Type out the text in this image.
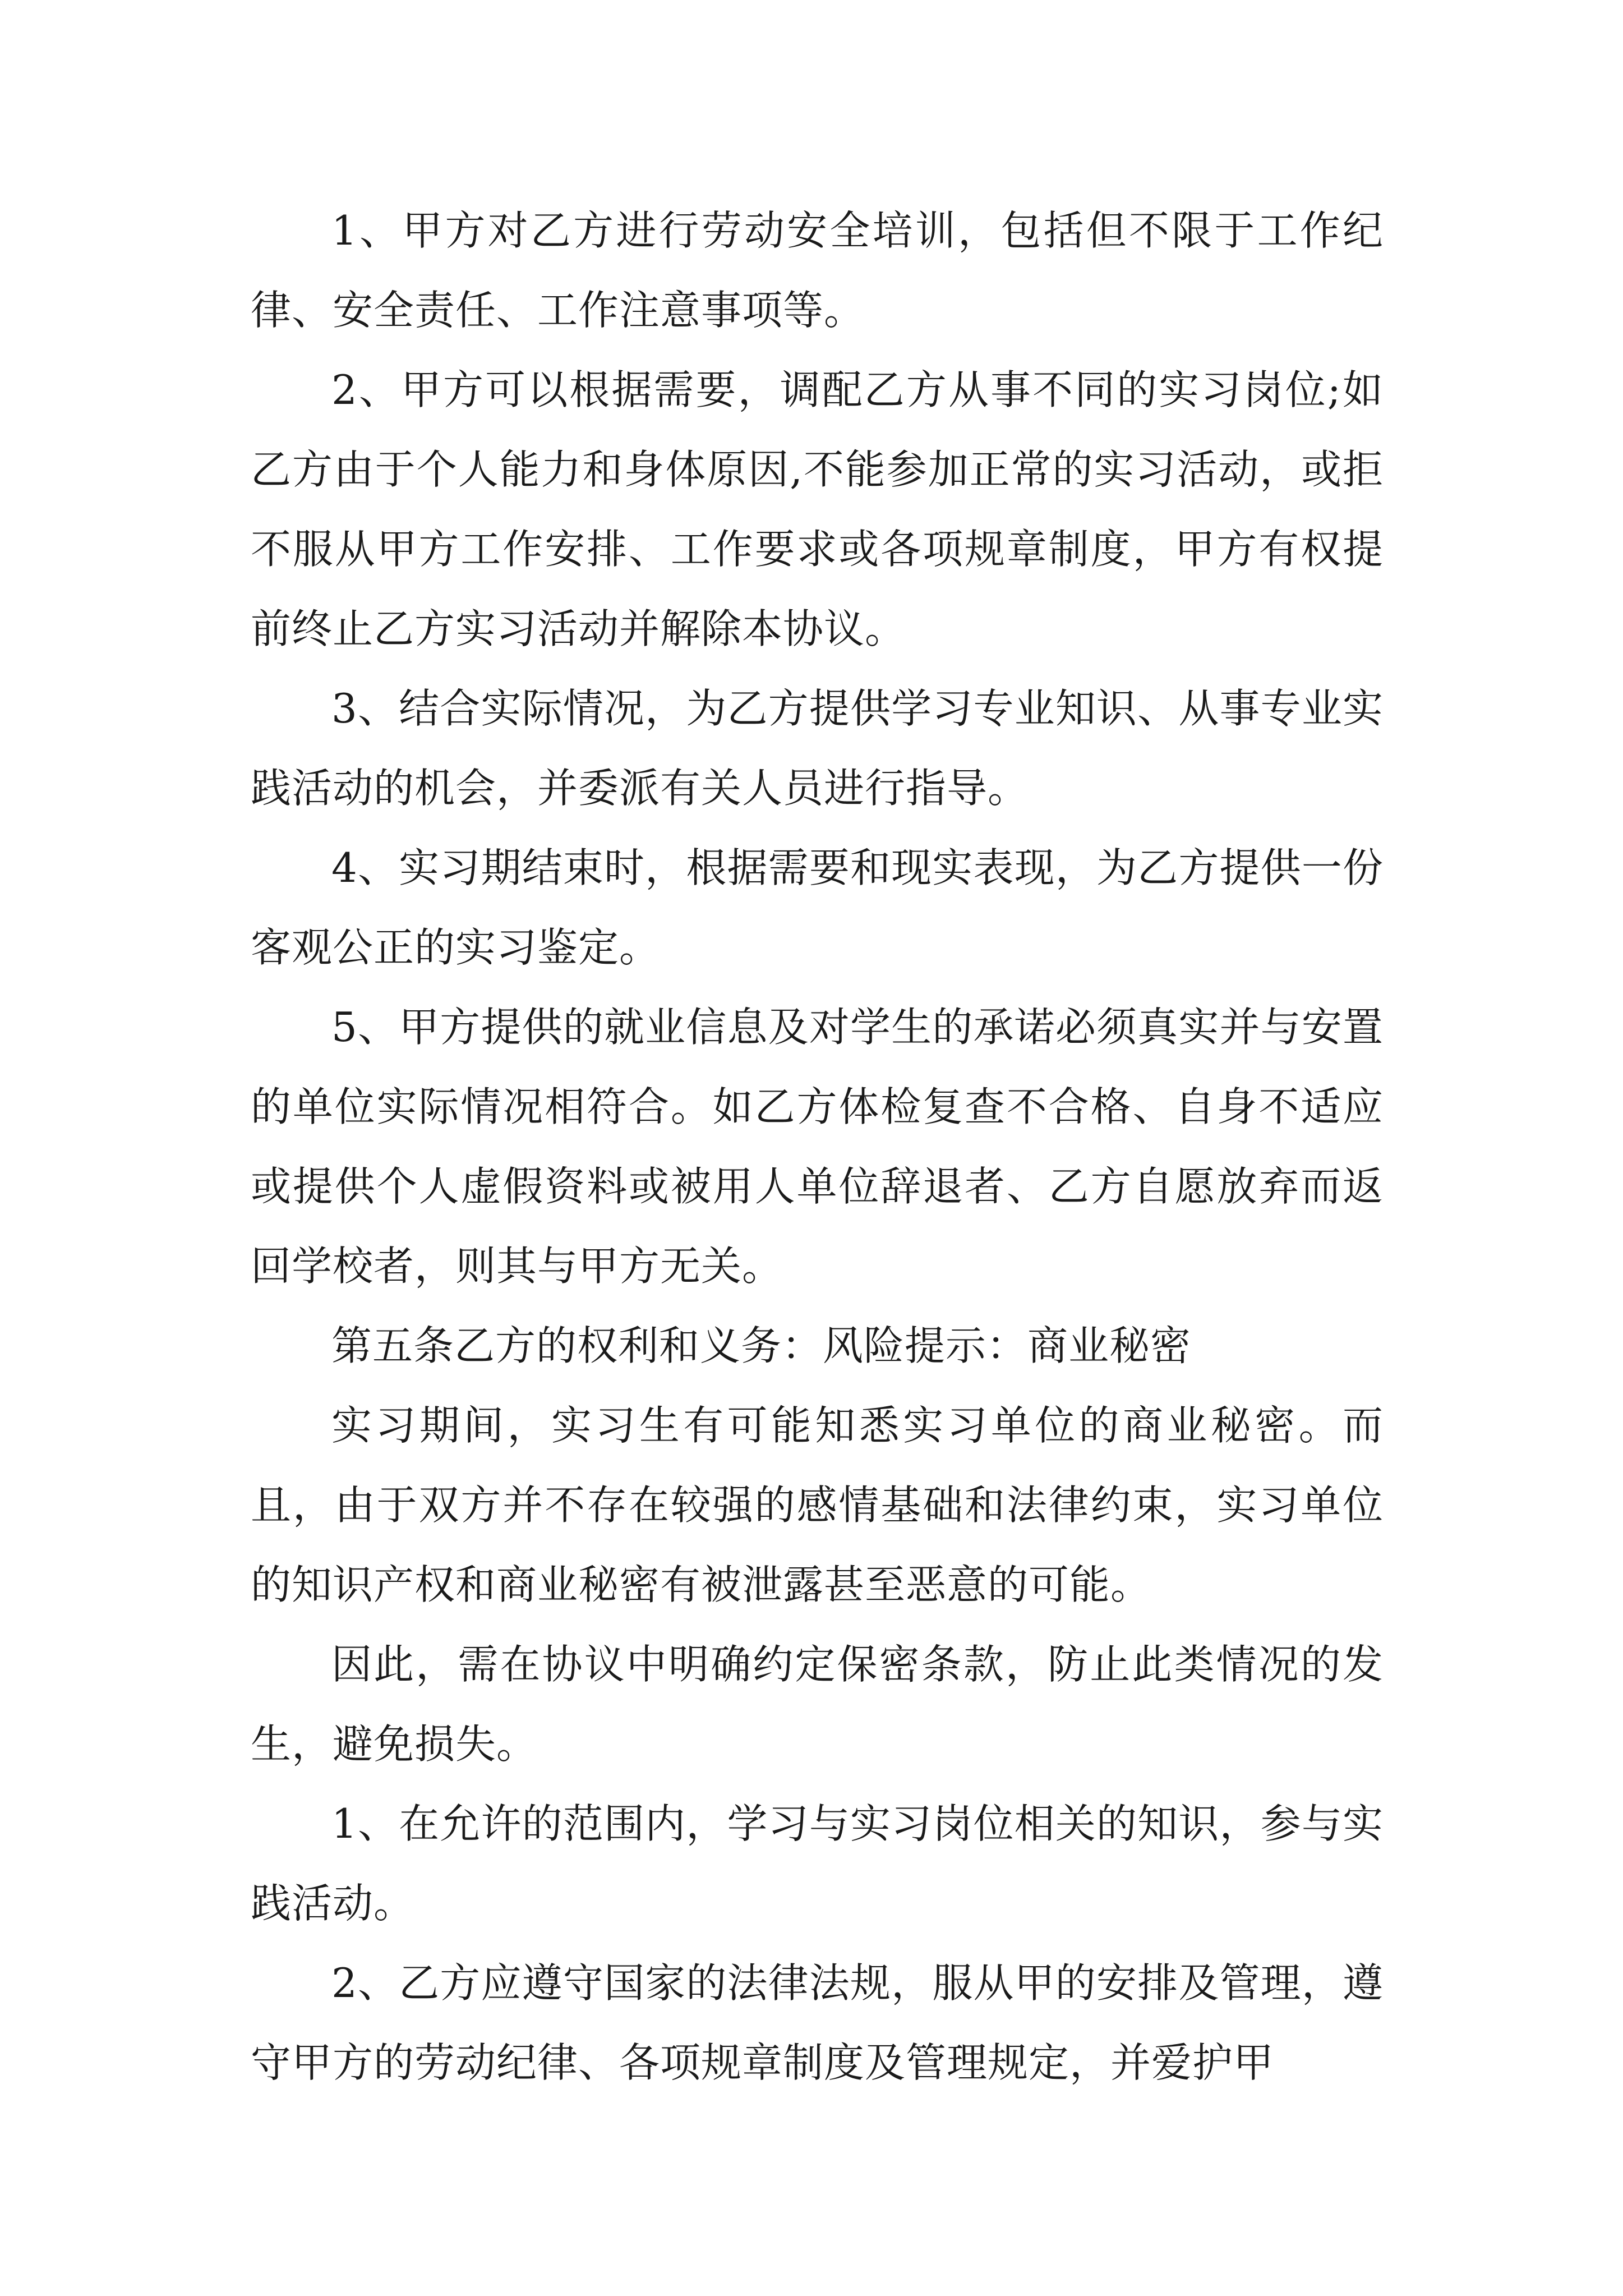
1、甲方对乙方进行劳动安全培训，包括但不限于工作纪律、安全责任、工作注意事项等。

2、甲方可以根据需要，调配乙方从事不同的实习岗位;如乙方由于个人能力和身体原因,不能参加正常的实习活动，或拒不服从甲方工作安排、工作要求或各项规章制度，甲方有权提前终止乙方实习活动并解除本协议。

3、结合实际情况，为乙方提供学习专业知识、从事专业实践活动的机会，并委派有关人员进行指导。

4、实习期结束时，根据需要和现实表现，为乙方提供一份客观公正的实习鉴定。

5、甲方提供的就业信息及对学生的承诺必须真实并与安置的单位实际情况相符合。如乙方体检复查不合格、自身不适应或提供个人虚假资料或被用人单位辞退者、乙方自愿放弃而返回学校者，则其与甲方无关。

第五条乙方的权利和义务：风险提示：商业秘密

实习期间，实习生有可能知悉实习单位的商业秘密。而且，由于双方并不存在较强的感情基础和法律约束，实习单位的知识产权和商业秘密有被泄露甚至恶意的可能。

因此，需在协议中明确约定保密条款，防止此类情况的发生，避免损失。

1、在允许的范围内，学习与实习岗位相关的知识，参与实践活动。

2、乙方应遵守国家的法律法规，服从甲的安排及管理，遵守甲方的劳动纪律、各项规章制度及管理规定，并爱护甲
